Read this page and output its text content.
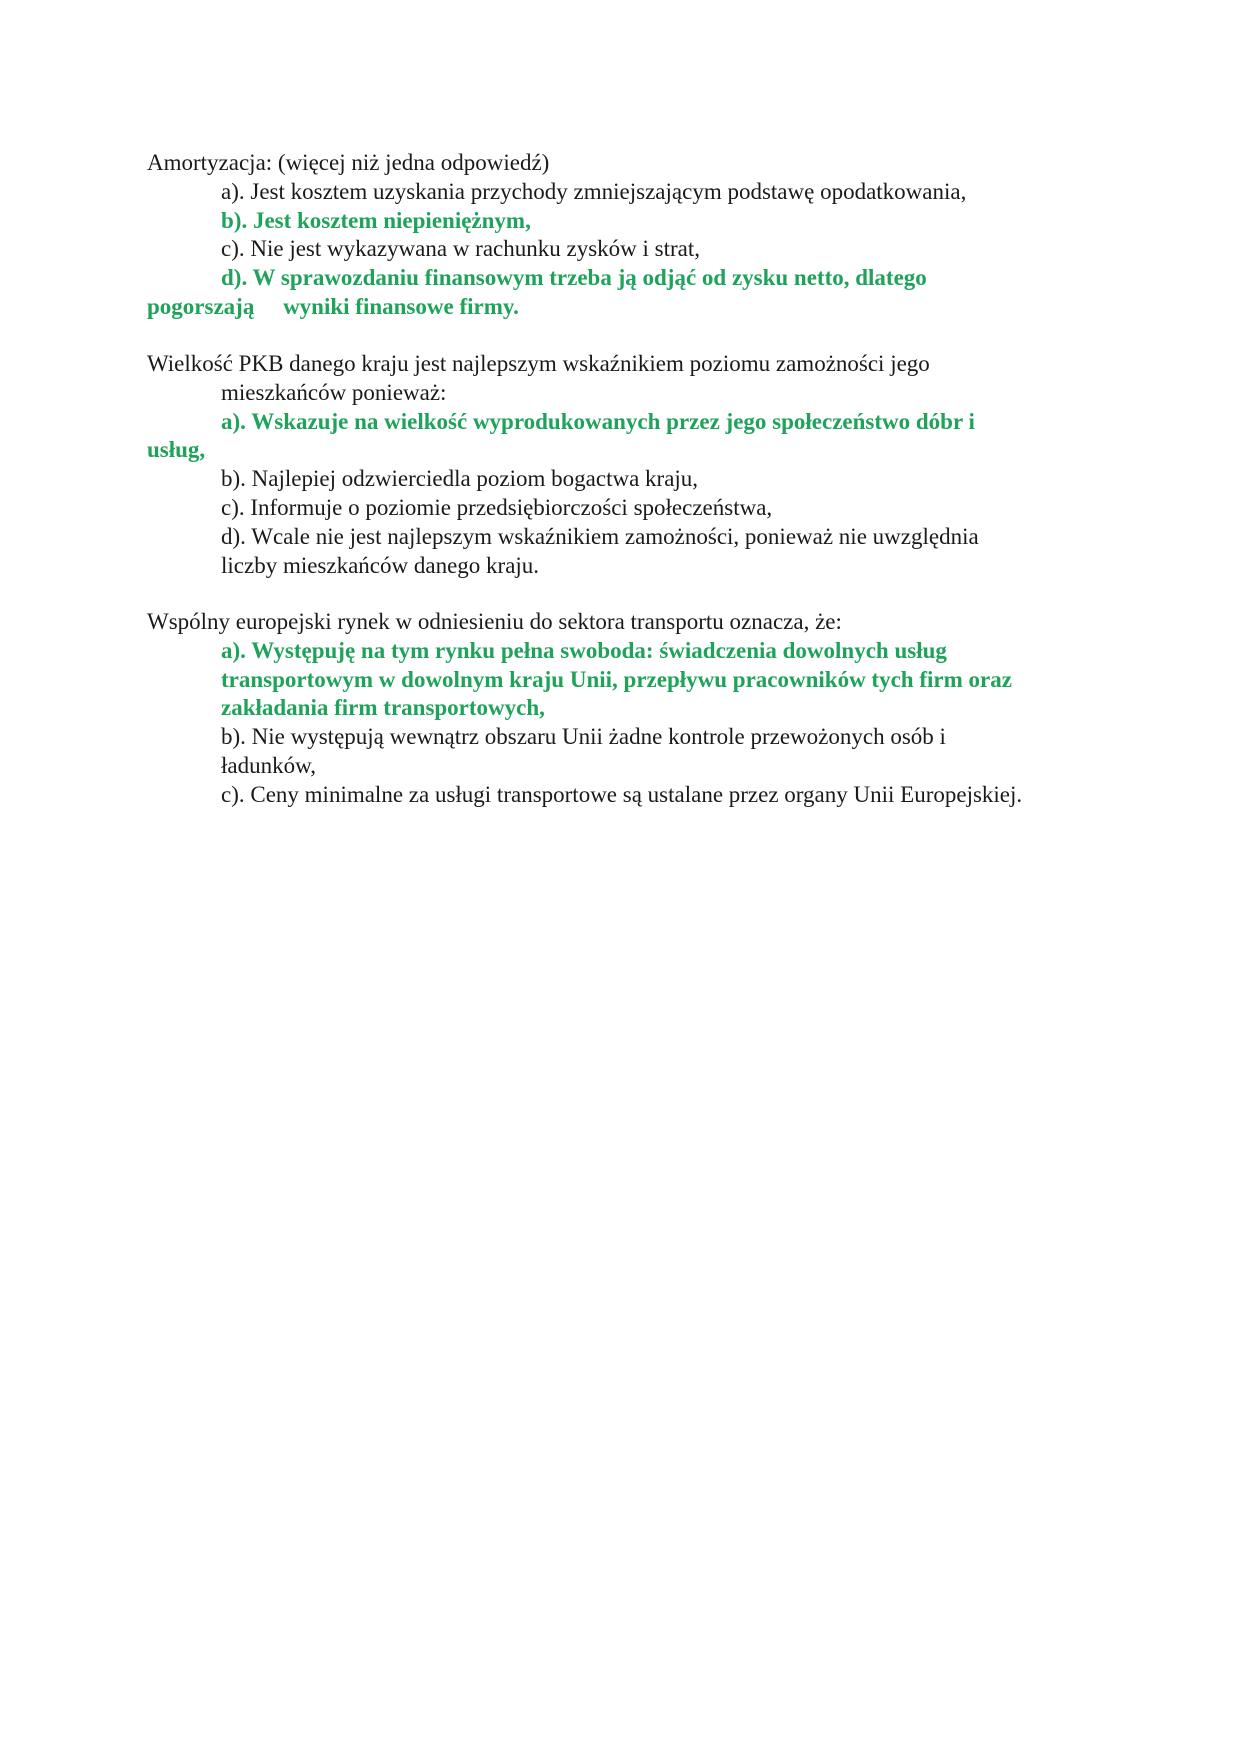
Amortyzacja: (więcej niż jedna odpowiedź)
a). Jest kosztem uzyskania przychody zmniejszającym podstawę opodatkowania,
b). Jest kosztem niepieniężnym,
c). Nie jest wykazywana w rachunku zysków i strat,
d). W sprawozdaniu finansowym trzeba ją odjąć od zysku netto, dlatego
pogorszają     wyniki finansowe firmy.
Wielkość PKB danego kraju jest najlepszym wskaźnikiem poziomu zamożności jego
mieszkańców ponieważ:
a). Wskazuje na wielkość wyprodukowanych przez jego społeczeństwo dóbr i
usług,
b). Najlepiej odzwierciedla poziom bogactwa kraju,
c). Informuje o poziomie przedsiębiorczości społeczeństwa,
d). Wcale nie jest najlepszym wskaźnikiem zamożności, ponieważ nie uwzględnia
liczby mieszkańców danego kraju.
Wspólny europejski rynek w odniesieniu do sektora transportu oznacza, że:
a). Występuję na tym rynku pełna swoboda: świadczenia dowolnych usług
transportowym w dowolnym kraju Unii, przepływu pracowników tych firm oraz
zakładania firm transportowych,
b). Nie występują wewnątrz obszaru Unii żadne kontrole przewożonych osób i
ładunków,
c). Ceny minimalne za usługi transportowe są ustalane przez organy Unii Europejskiej.
